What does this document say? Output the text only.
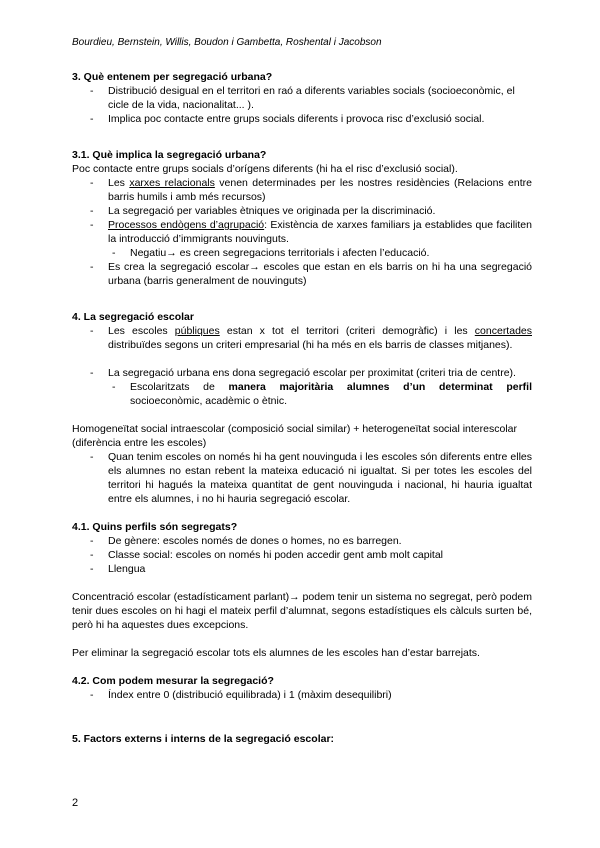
Bourdieu, Bernstein, Willis, Boudon i Gambetta, Roshental i Jacobson
3. Què entenem per segregació urbana?
- Distribució desigual en el territori en raó a diferents variables socials (socioeconòmic, el cicle de la vida, nacionalitat... ).
- Implica poc contacte entre grups socials diferents i provoca risc d’exclusió social.
3.1. Què implica la segregació urbana?

Poc contacte entre grups socials d’orígens diferents (hi ha el risc d’exclusió social).

- Les xarxes relacionals venen determinades per les nostres residències (Relacions entre barris humils i amb més recursos)
- La segregació per variables ètniques ve originada per la discriminació.
- Processos endògens d’agrupació: Existència de xarxes familiars ja establides que faciliten la introducció d’immigrants nouvinguts.
- Negatiu→ es creen segregacions territorials i afecten l’educació.
- Es crea la segregació escolar→ escoles que estan en els barris on hi ha una segregació urbana (barris generalment de nouvinguts)
4. La segregació escolar
- Les escoles públiques estan x tot el territori (criteri demogràfic) i les concertades distribuïdes segons un criteri empresarial (hi ha més en els barris de classes mitjanes).
- La segregació urbana ens dona segregació escolar per proximitat (criteri tria de centre).
- Escolaritzats de manera majoritària alumnes d’un determinat perfil socioeconòmic, acadèmic o ètnic.

Homogeneïtat social intraescolar (composició social similar) + heterogeneïtat social interescolar (diferència entre les escoles)

- Quan tenim escoles on només hi ha gent nouvinguda i les escoles són diferents entre elles els alumnes no estan rebent la mateixa educació ni igualtat. Si per totes les escoles del territori hi hagués la mateixa quantitat de gent nouvinguda i nacional, hi hauria igualtat entre els alumnes, i no hi hauria segregació escolar.
4.1. Quins perfils són segregats?
- De gènere: escoles només de dones o homes, no es barregen.
- Classe social: escoles on només hi poden accedir gent amb molt capital
- Llengua

Concentració escolar (estadísticament parlant)→ podem tenir un sistema no segregat, però podem tenir dues escoles on hi hagi el mateix perfil d’alumnat, segons estadístiques els càlculs surten bé, però hi ha aquestes dues excepcions.

Per eliminar la segregació escolar tots els alumnes de les escoles han d’estar barrejats.

4.2. Com podem mesurar la segregació?
- Índex entre 0 (distribució equilibrada) i 1 (màxim desequilibri)
5. Factors externs i interns de la segregació escolar:
2
